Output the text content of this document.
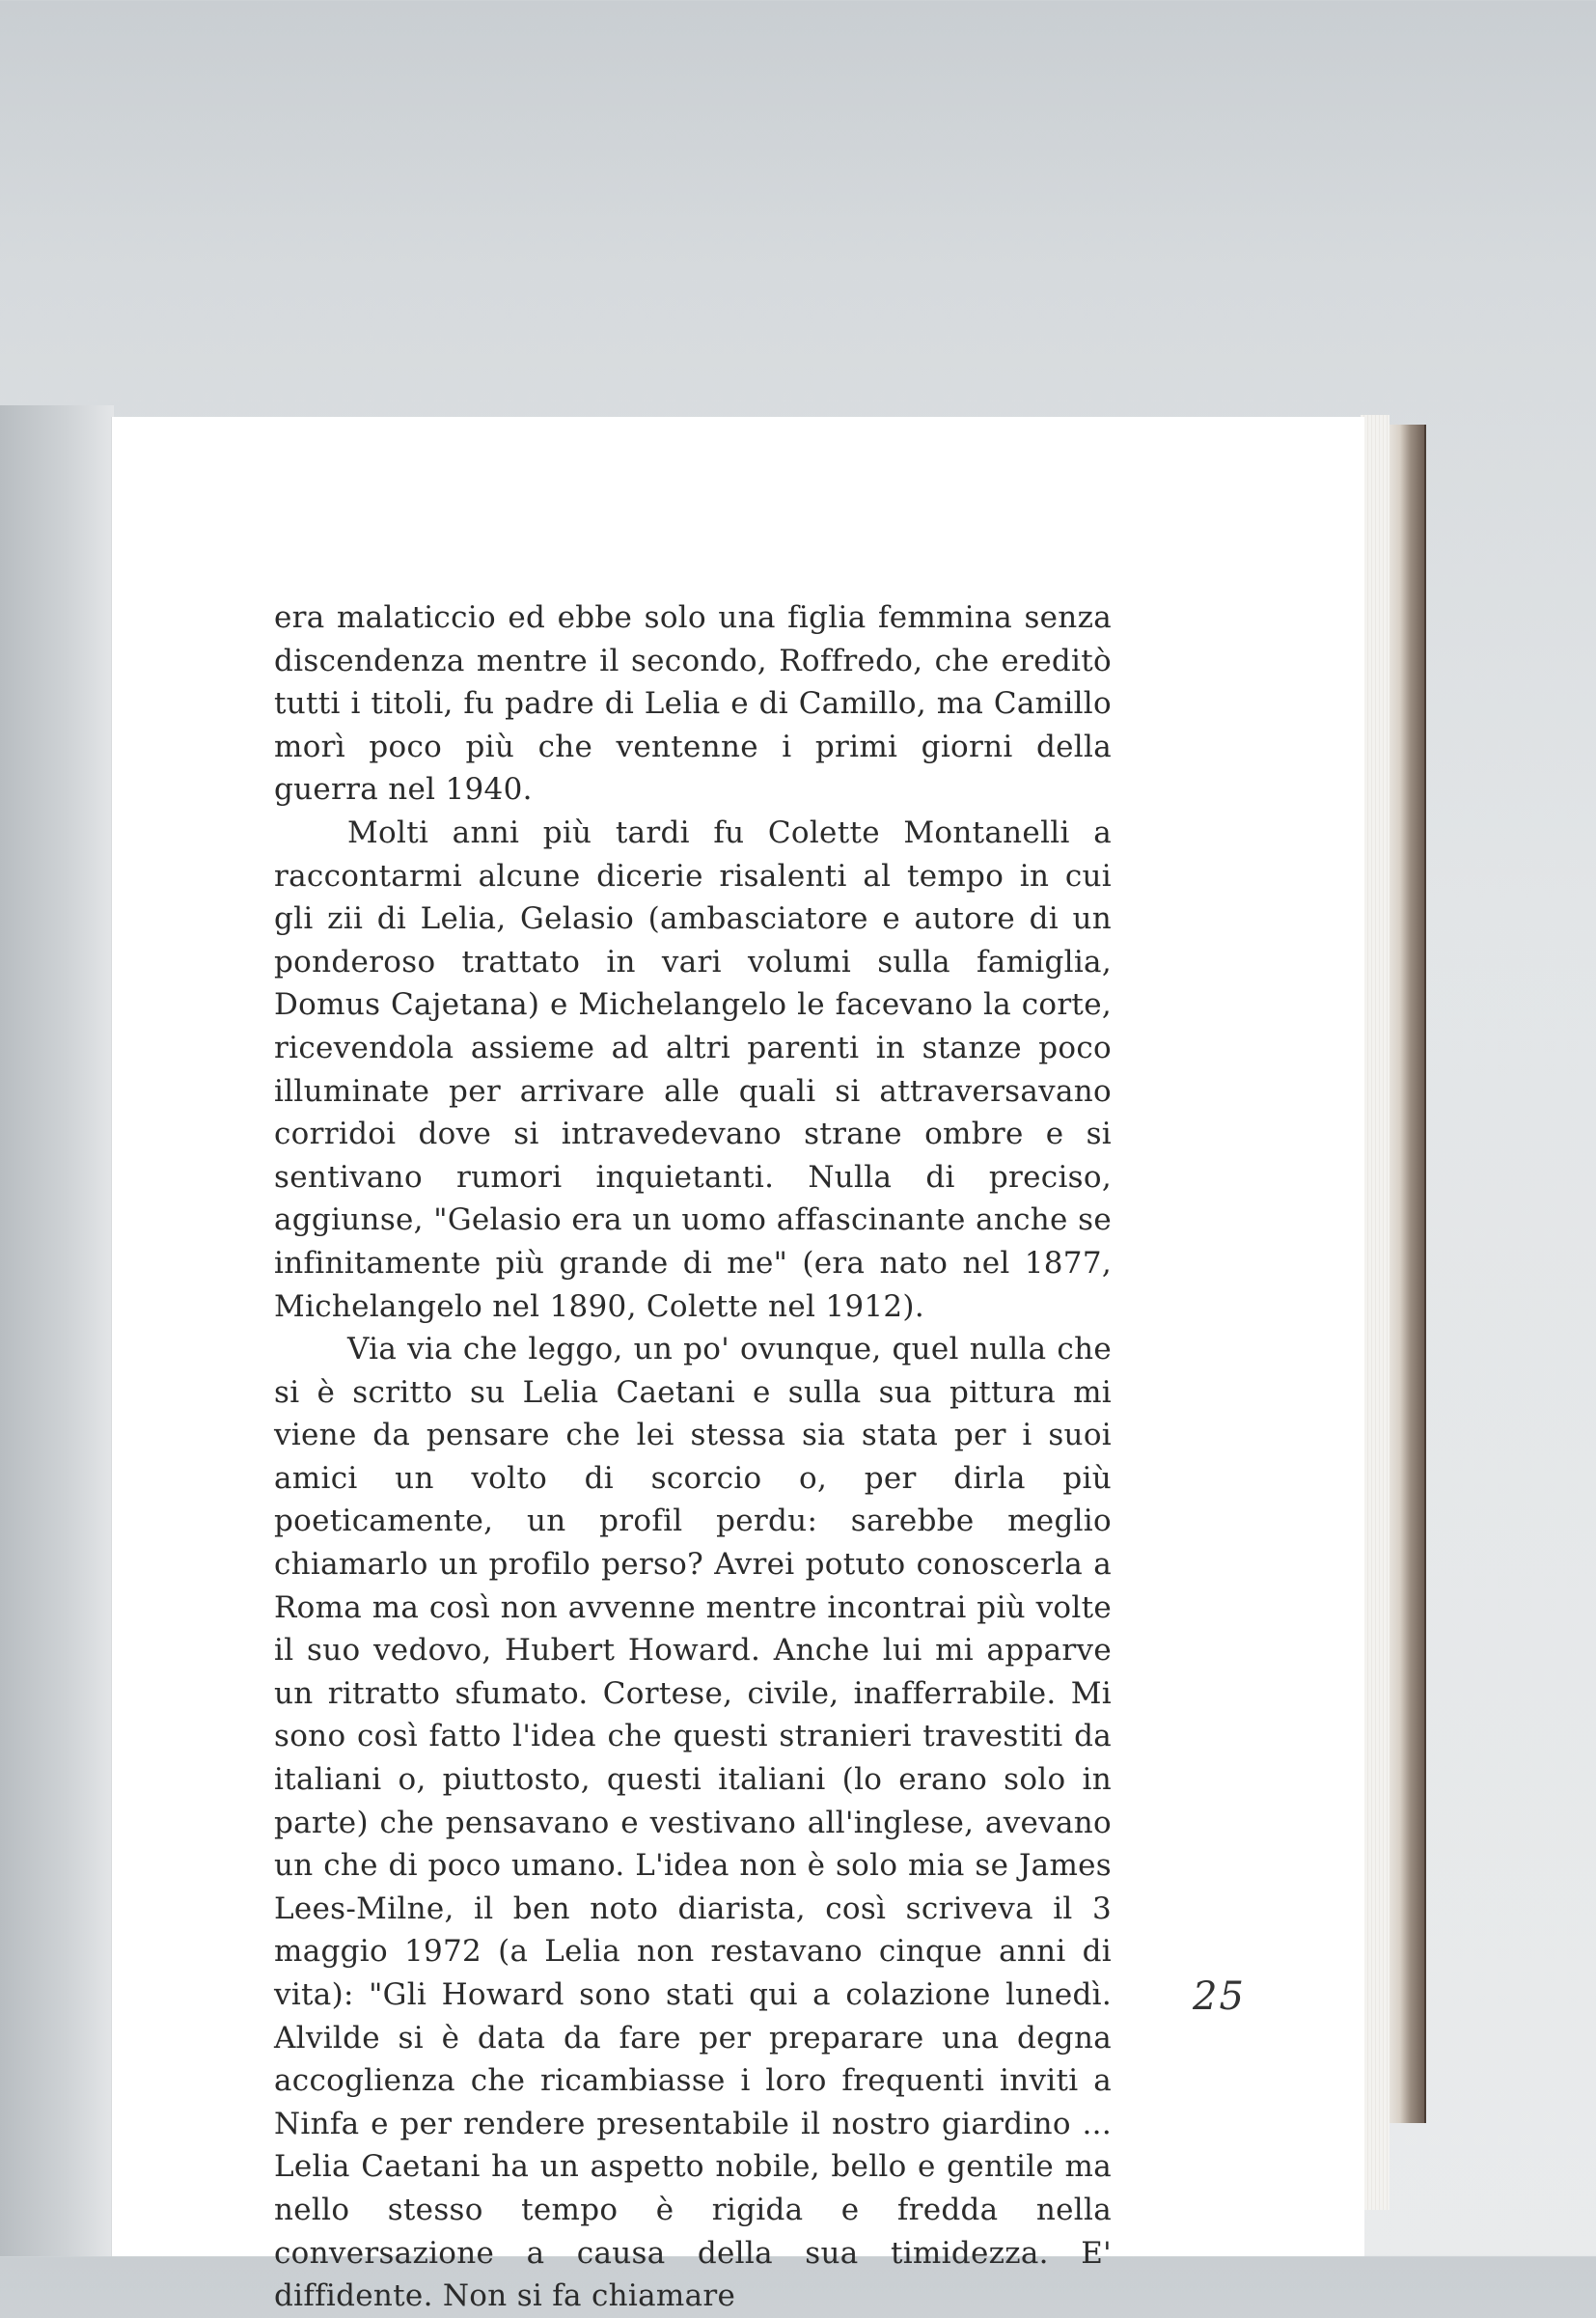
era malaticcio ed ebbe solo una figlia femmina senza discendenza mentre il secondo, Roffredo, che ereditò tutti i titoli, fu padre di Lelia e di Camillo, ma Camillo morì poco più che ventenne i primi giorni della guerra nel 1940.

Molti anni più tardi fu Colette Montanelli a raccontarmi alcune dicerie risalenti al tempo in cui gli zii di Lelia, Gelasio (ambasciatore e autore di un ponderoso trattato in vari volumi sulla famiglia, Domus Cajetana) e Michelangelo le facevano la corte, ricevendola assieme ad altri parenti in stanze poco illuminate per arrivare alle quali si attraversavano corridoi dove si intravedevano strane ombre e si sentivano rumori inquietanti. Nulla di preciso, aggiunse, "Gelasio era un uomo affascinante anche se infinitamente più grande di me" (era nato nel 1877, Michelangelo nel 1890, Colette nel 1912).

Via via che leggo, un po' ovunque, quel nulla che si è scritto su Lelia Caetani e sulla sua pittura mi viene da pensare che lei stessa sia stata per i suoi amici un volto di scorcio o, per dirla più poeticamente, un profil perdu: sarebbe meglio chiamarlo un profilo perso? Avrei potuto conoscerla a Roma ma così non avvenne mentre incontrai più volte il suo vedovo, Hubert Howard. Anche lui mi apparve un ritratto sfumato. Cortese, civile, inafferrabile. Mi sono così fatto l'idea che questi stranieri travestiti da italiani o, piuttosto, questi italiani (lo erano solo in parte) che pensavano e vestivano all'inglese, avevano un che di poco umano. L'idea non è solo mia se James Lees-Milne, il ben noto diarista, così scriveva il 3 maggio 1972 (a Lelia non restavano cinque anni di vita): "Gli Howard sono stati qui a colazione lunedì. Alvilde si è data da fare per preparare una degna accoglienza che ricambiasse i loro frequenti inviti a Ninfa e per rendere presentabile il nostro giardino ... Lelia Caetani ha un aspetto nobile, bello e gentile ma nello stesso tempo è rigida e fredda nella conversazione a causa della sua timidezza. E' diffidente. Non si fa chiamare

25
